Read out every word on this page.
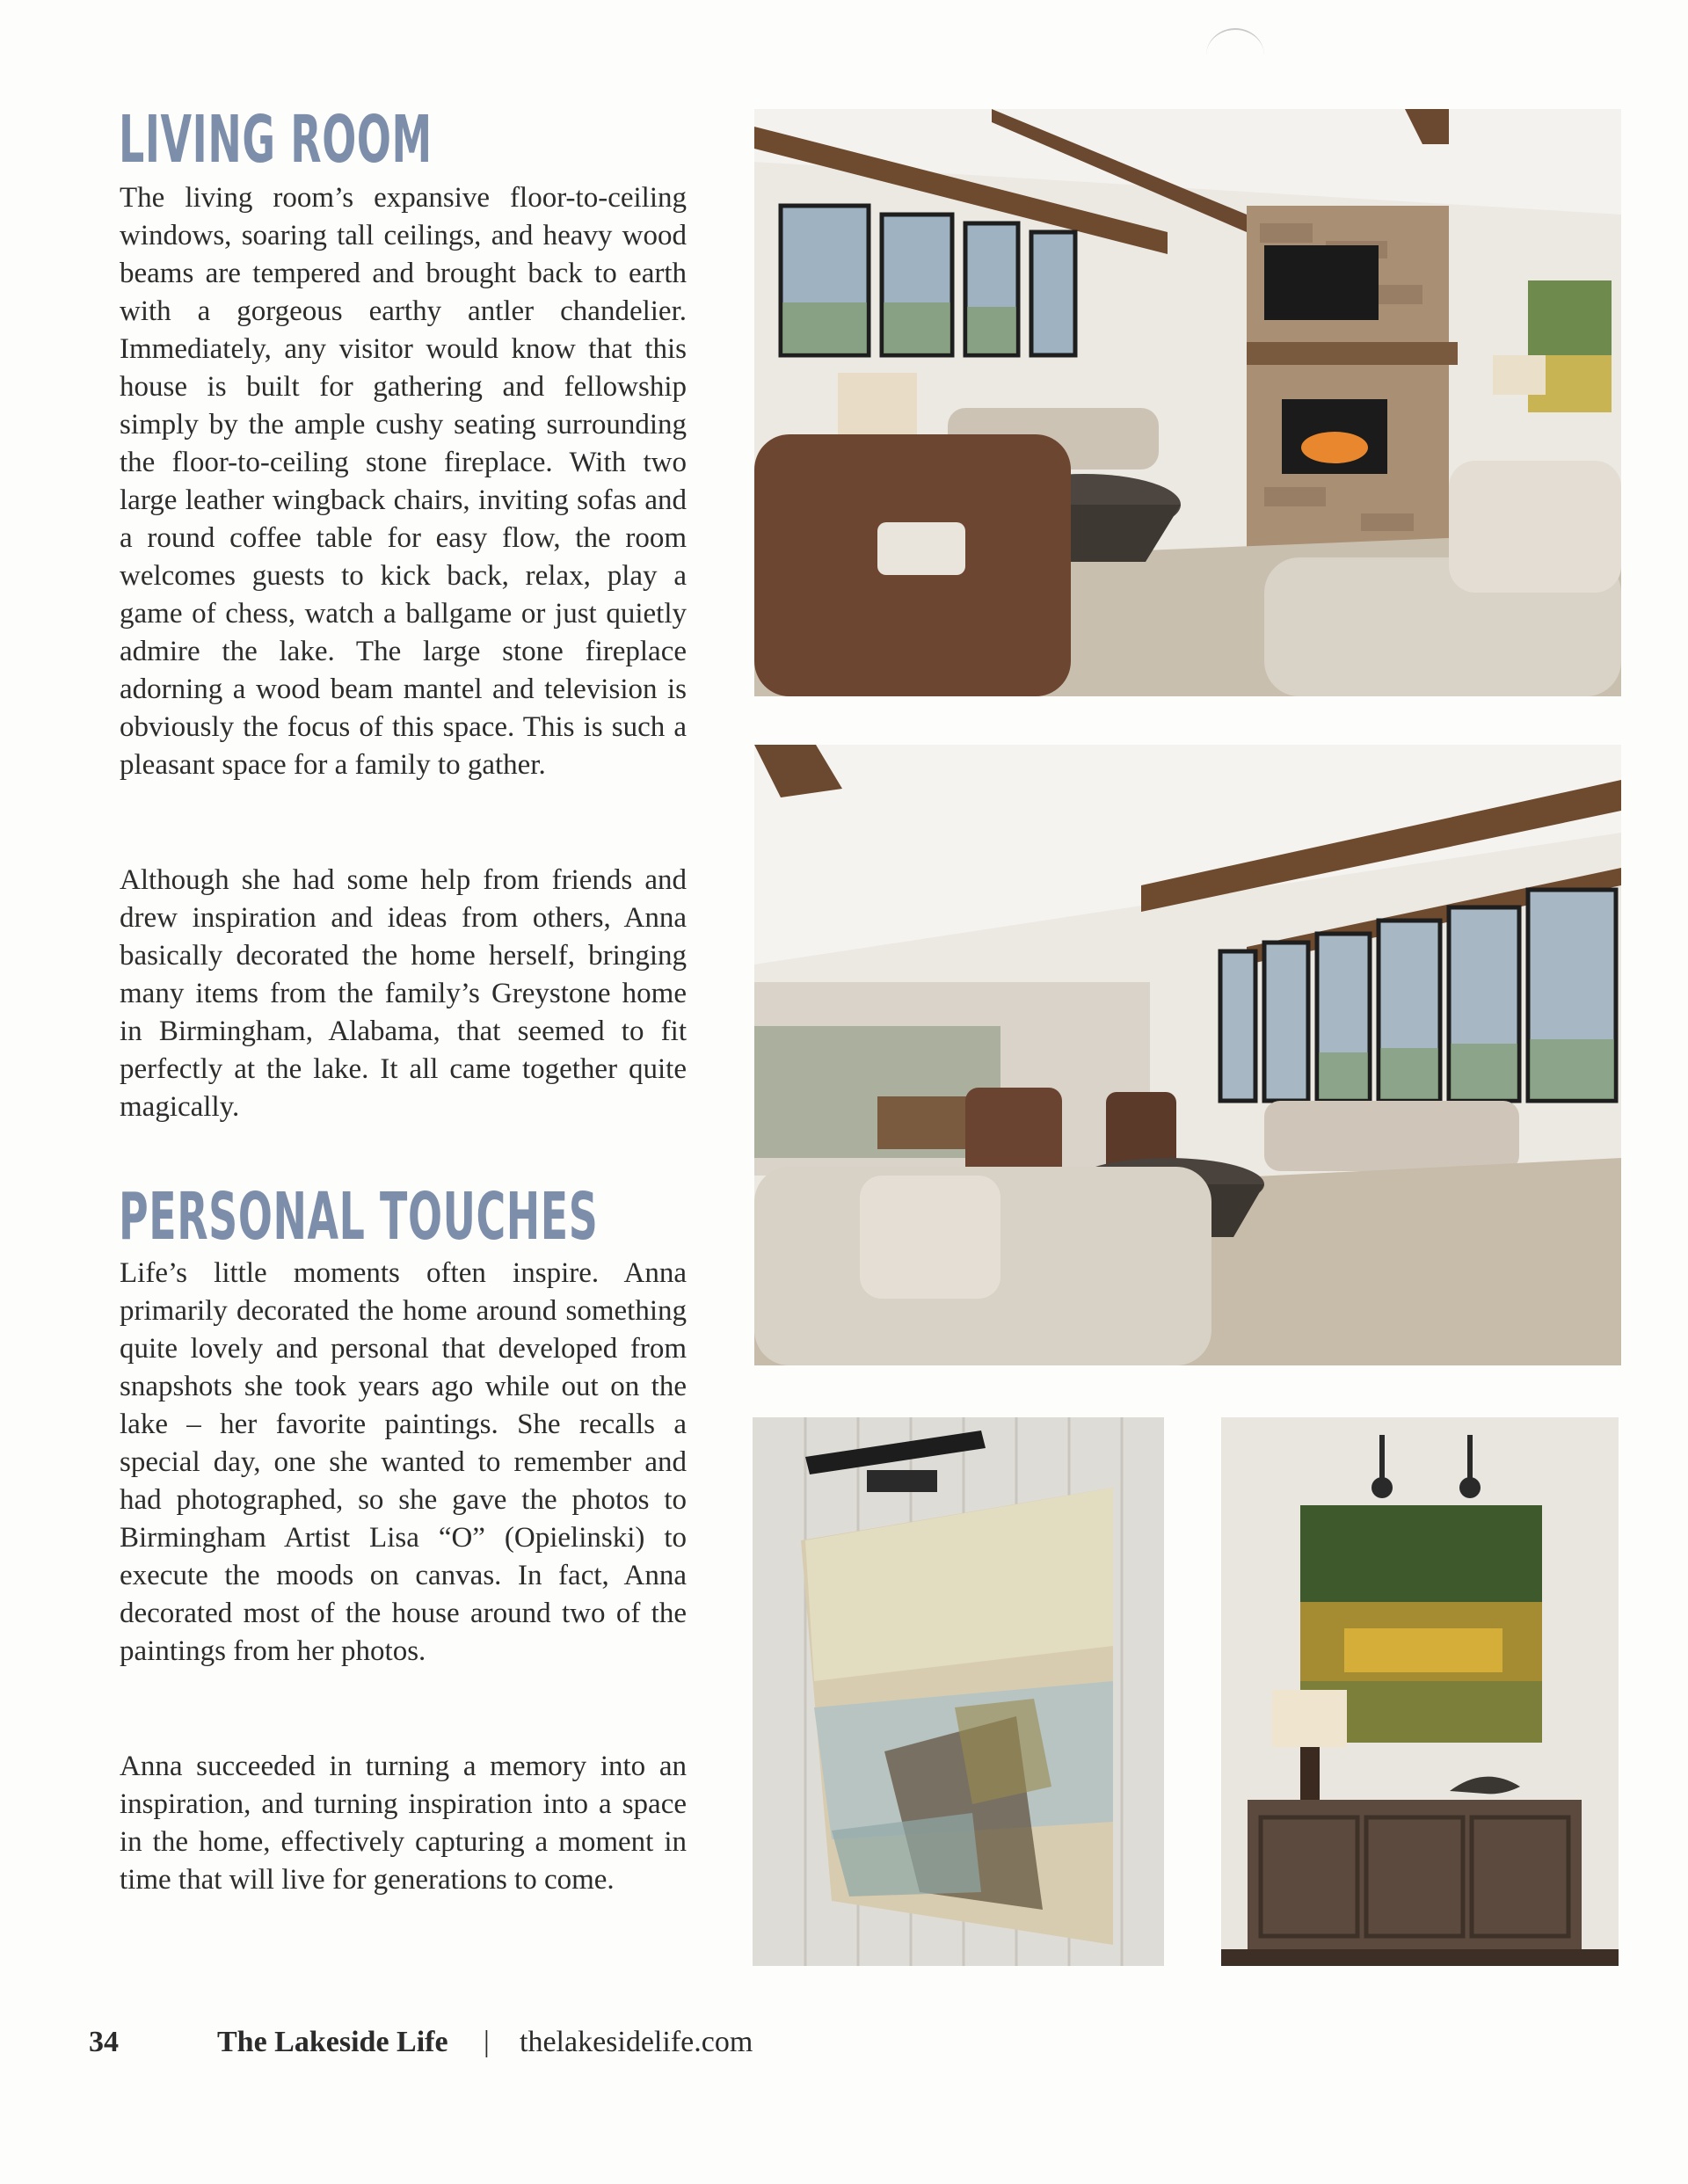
LIVING ROOM

The living room’s expansive floor-to-ceiling windows, soaring tall ceilings, and heavy wood beams are tempered and brought back to earth with a gorgeous earthy antler chandelier. Immediately, any visitor would know that this house is built for gathering and fellowship simply by the ample cushy seating surrounding the floor-to-ceiling stone fireplace. With two large leather wingback chairs, inviting sofas and a round coffee table for easy flow, the room welcomes guests to kick back, relax, play a game of chess, watch a ballgame or just quietly admire the lake. The large stone fireplace adorning a wood beam mantel and television is obviously the focus of this space. This is such a pleasant space for a family to gather.

Although she had some help from friends and drew inspiration and ideas from others, Anna basically decorated the home herself, bringing many items from the family’s Greystone home in Birmingham, Alabama, that seemed to fit perfectly at the lake. It all came together quite magically.

PERSONAL TOUCHES

Life’s little moments often inspire. Anna primarily decorated the home around something quite lovely and personal that developed from snapshots she took years ago while out on the lake – her favorite paintings. She recalls a special day, one she wanted to remember and had photographed, so she gave the photos to Birmingham Artist Lisa “O” (Opielinski) to execute the moods on canvas. In fact, Anna decorated most of the house around two of the paintings from her photos.

Anna succeeded in turning a memory into an inspiration, and turning inspiration into a space in the home, effectively capturing a moment in time that will live for generations to come.

34	The Lakeside Life | thelakesidelife.com
